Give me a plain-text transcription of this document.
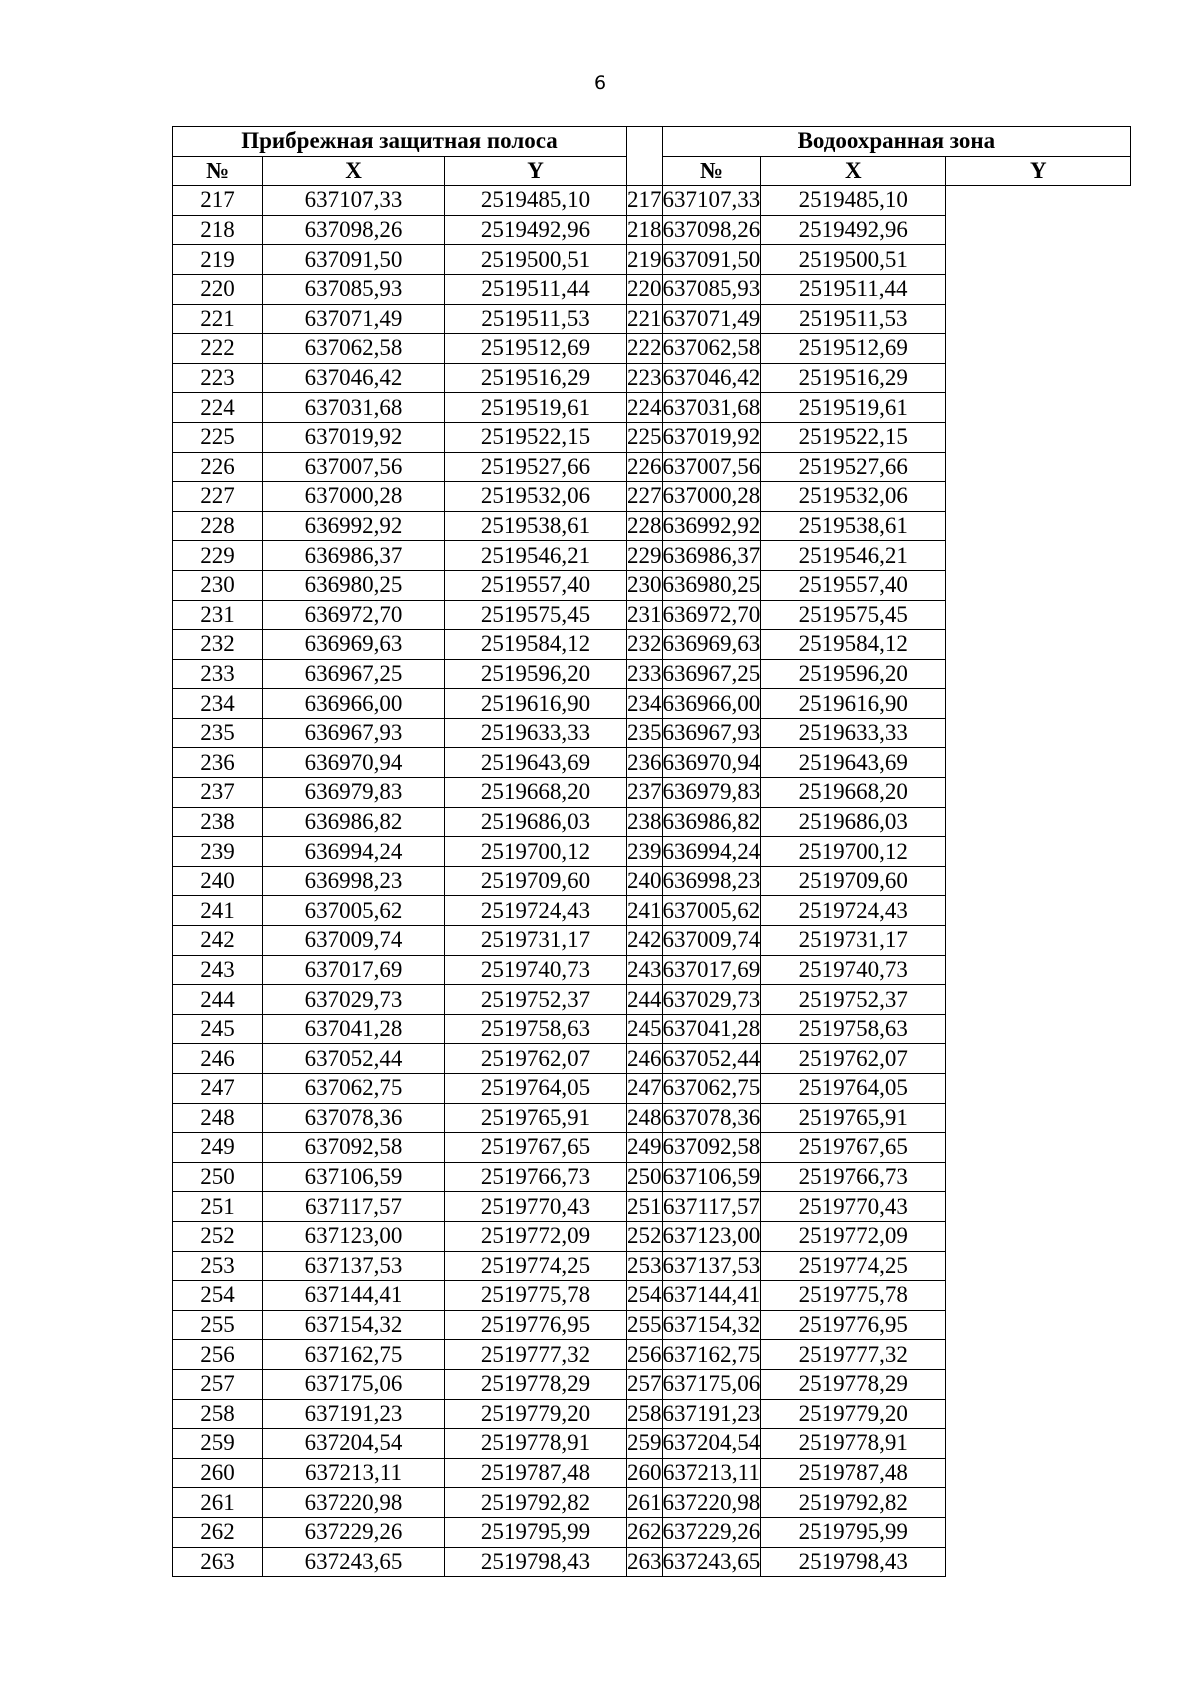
6
Прибрежная защитная полоса				Водоохранная зона		
№	X	Y		№	X	Y
217	637107,33	2519485,10	217	637107,33	2519485,10	
218	637098,26	2519492,96	218	637098,26	2519492,96	
219	637091,50	2519500,51	219	637091,50	2519500,51	
220	637085,93	2519511,44	220	637085,93	2519511,44	
221	637071,49	2519511,53	221	637071,49	2519511,53	
222	637062,58	2519512,69	222	637062,58	2519512,69	
223	637046,42	2519516,29	223	637046,42	2519516,29	
224	637031,68	2519519,61	224	637031,68	2519519,61	
225	637019,92	2519522,15	225	637019,92	2519522,15	
226	637007,56	2519527,66	226	637007,56	2519527,66	
227	637000,28	2519532,06	227	637000,28	2519532,06	
228	636992,92	2519538,61	228	636992,92	2519538,61	
229	636986,37	2519546,21	229	636986,37	2519546,21	
230	636980,25	2519557,40	230	636980,25	2519557,40	
231	636972,70	2519575,45	231	636972,70	2519575,45	
232	636969,63	2519584,12	232	636969,63	2519584,12	
233	636967,25	2519596,20	233	636967,25	2519596,20	
234	636966,00	2519616,90	234	636966,00	2519616,90	
235	636967,93	2519633,33	235	636967,93	2519633,33	
236	636970,94	2519643,69	236	636970,94	2519643,69	
237	636979,83	2519668,20	237	636979,83	2519668,20	
238	636986,82	2519686,03	238	636986,82	2519686,03	
239	636994,24	2519700,12	239	636994,24	2519700,12	
240	636998,23	2519709,60	240	636998,23	2519709,60	
241	637005,62	2519724,43	241	637005,62	2519724,43	
242	637009,74	2519731,17	242	637009,74	2519731,17	
243	637017,69	2519740,73	243	637017,69	2519740,73	
244	637029,73	2519752,37	244	637029,73	2519752,37	
245	637041,28	2519758,63	245	637041,28	2519758,63	
246	637052,44	2519762,07	246	637052,44	2519762,07	
247	637062,75	2519764,05	247	637062,75	2519764,05	
248	637078,36	2519765,91	248	637078,36	2519765,91	
249	637092,58	2519767,65	249	637092,58	2519767,65	
250	637106,59	2519766,73	250	637106,59	2519766,73	
251	637117,57	2519770,43	251	637117,57	2519770,43	
252	637123,00	2519772,09	252	637123,00	2519772,09	
253	637137,53	2519774,25	253	637137,53	2519774,25	
254	637144,41	2519775,78	254	637144,41	2519775,78	
255	637154,32	2519776,95	255	637154,32	2519776,95	
256	637162,75	2519777,32	256	637162,75	2519777,32	
257	637175,06	2519778,29	257	637175,06	2519778,29	
258	637191,23	2519779,20	258	637191,23	2519779,20	
259	637204,54	2519778,91	259	637204,54	2519778,91	
260	637213,11	2519787,48	260	637213,11	2519787,48	
261	637220,98	2519792,82	261	637220,98	2519792,82	
262	637229,26	2519795,99	262	637229,26	2519795,99	
263	637243,65	2519798,43	263	637243,65	2519798,43	
